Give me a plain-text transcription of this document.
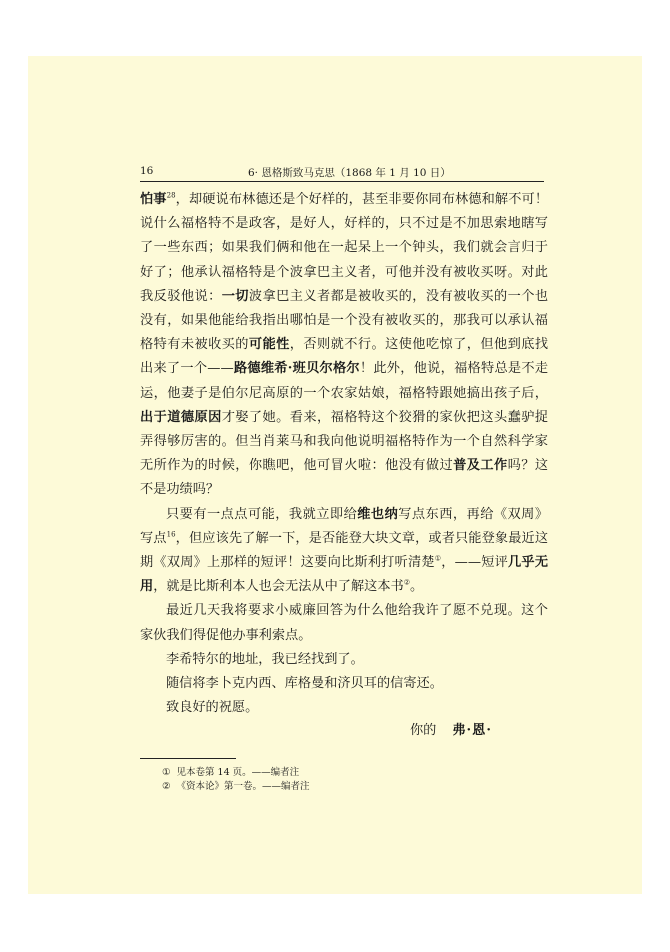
16	6· 恩格斯致马克思（1868 年 1 月 10 日）

怕事$^{28}$，却硬说布林德还是个好样的，甚至非要你同布林德和解不可！说什么福格特不是政客，是好人，好样的，只不过是不加思索地瞎写了一些东西；如果我们俩和他在一起呆上一个钟头，我们就会言归于好了；他承认福格特是个波拿巴主义者，可他并没有被收买呀。对此我反驳他说：一切波拿巴主义者都是被收买的，没有被收买的一个也没有，如果他能给我指出哪怕是一个没有被收买的，那我可以承认福格特有未被收买的可能性，否则就不行。这使他吃惊了，但他到底找出来了一个——路德维希·班贝尔格尔！此外，他说，福格特总是不走运，他妻子是伯尔尼高原的一个农家姑娘，福格特跟她搞出孩子后，出于道德原因才娶了她。看来，福格特这个狡猾的家伙把这头蠢驴捉弄得够厉害的。但当肖莱马和我向他说明福格特作为一个自然科学家无所作为的时候，你瞧吧，他可冒火啦：他没有做过普及工作吗？这不是功绩吗？

只要有一点点可能，我就立即给维也纳写点东西，再给《双周》写点$^{16}$，但应该先了解一下，是否能登大块文章，或者只能登象最近这期《双周》上那样的短评！这要向比斯利打听清楚①，——短评几乎无用，就是比斯利本人也会无法从中了解这本书②。

最近几天我将要求小威廉回答为什么他给我许了愿不兑现。这个家伙我们得促他办事利索点。

李希特尔的地址，我已经找到了。

随信将李卜克内西、库格曼和济贝耳的信寄还。

致良好的祝愿。

你的 弗·恩·
① 见本卷第 14 页。——编者注
② 《资本论》第一卷。——编者注
